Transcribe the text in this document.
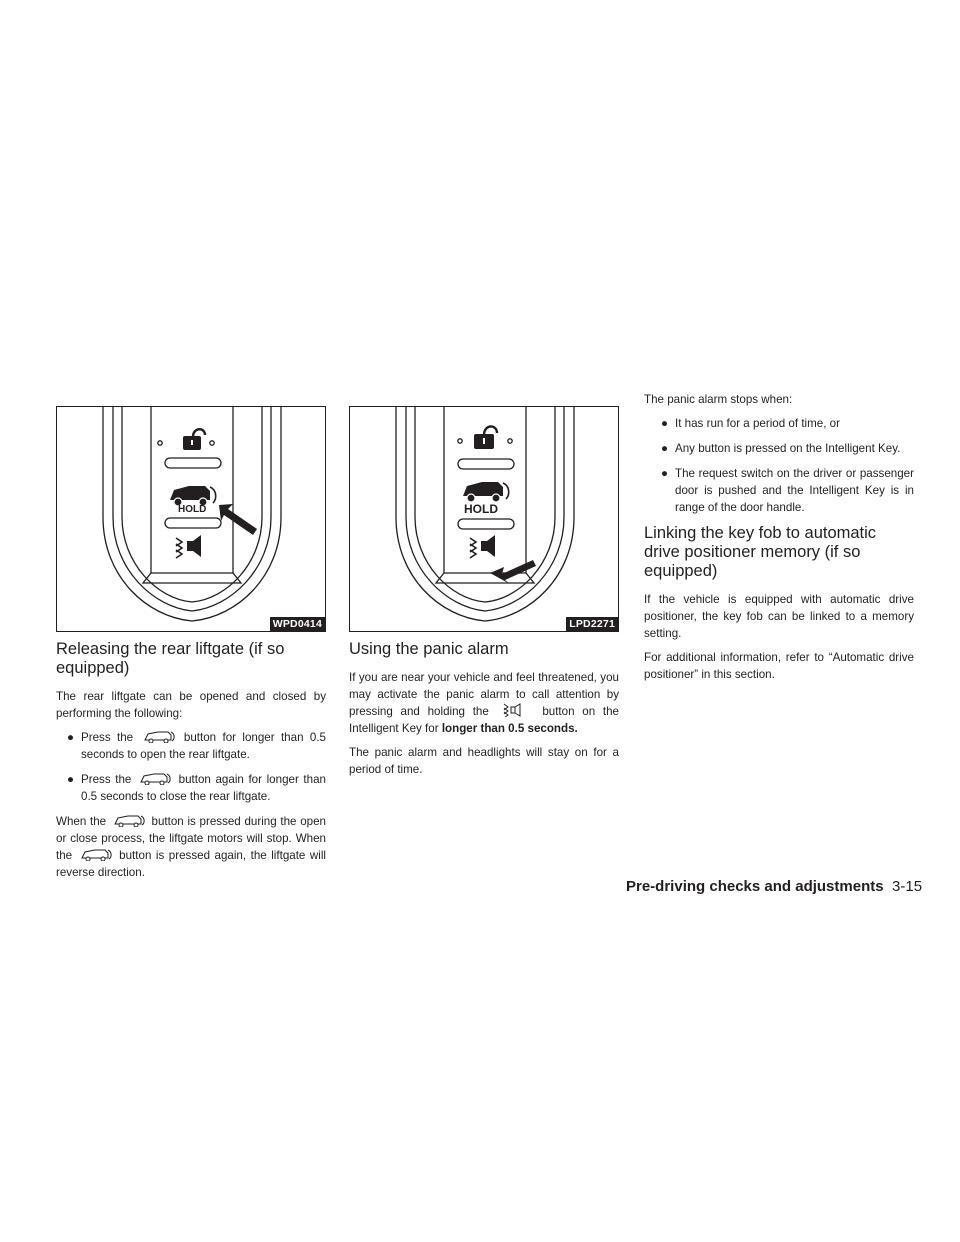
HOLD
WPD0414
Releasing the rear liftgate (if so equipped)

The rear liftgate can be opened and closed by performing the following:

● Press the	button for longer than 0.5 seconds to open the rear liftgate.
● Press the	button again for longer than 0.5 seconds to close the rear liftgate.

When the	button is pressed during the open or close process, the liftgate motors will stop. When the	button is pressed again, the liftgate will reverse direction.

HOLD
LPD2271
Using the panic alarm

If you are near your vehicle and feel threatened, you may activate the panic alarm to call attention by pressing and holding the	button on the Intelligent Key for longer than 0.5 seconds.

The panic alarm and headlights will stay on for a period of time.

The panic alarm stops when:

● It has run for a period of time, or
● Any button is pressed on the Intelligent Key.
● The request switch on the driver or passenger door is pushed and the Intelligent Key is in range of the door handle.
Linking the key fob to automatic drive positioner memory (if so equipped)

If the vehicle is equipped with automatic drive positioner, the key fob can be linked to a memory setting.

For additional information, refer to “Automatic drive positioner” in this section.

Pre-driving checks and adjustments 3-15
